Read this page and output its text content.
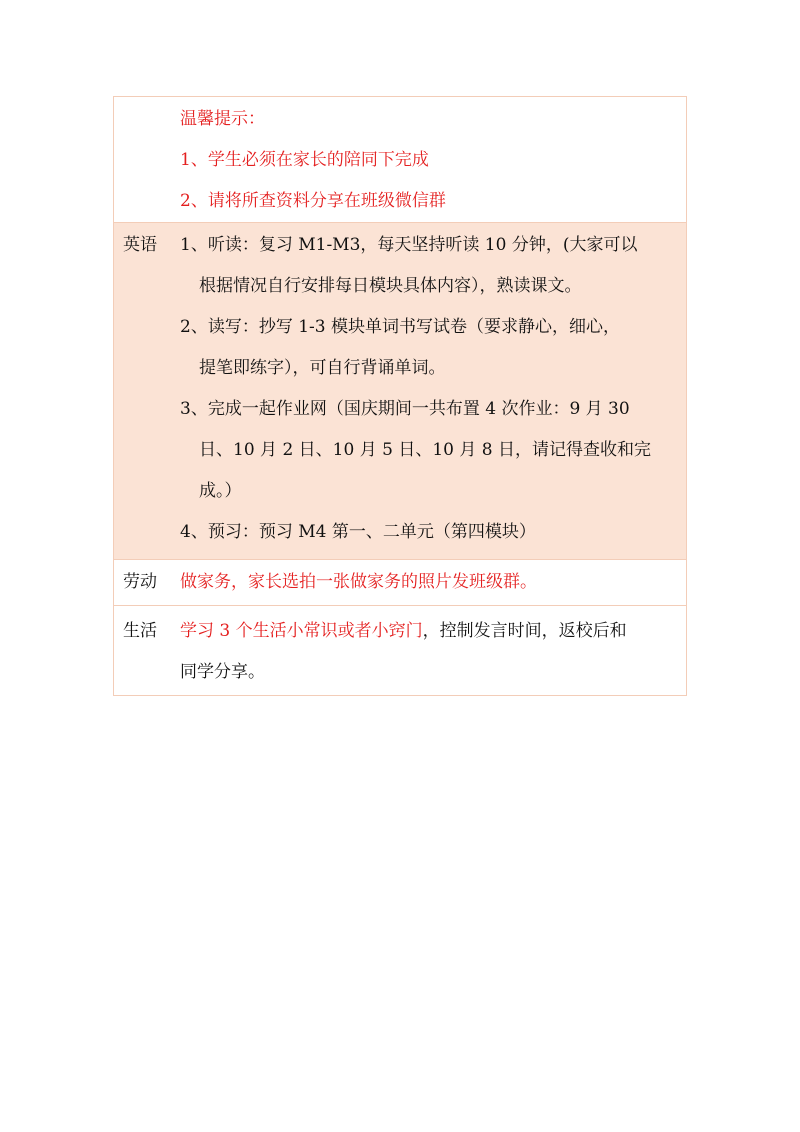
温馨提示：
1、学生必须在家长的陪同下完成
2、请将所查资料分享在班级微信群
英语	1、听读：复习 M1-M3，每天坚持听读 10 分钟，(大家可以
根据情况自行安排每日模块具体内容），熟读课文。
2、读写：抄写 1-3 模块单词书写试卷（要求静心，细心，
提笔即练字），可自行背诵单词。
3、完成一起作业网（国庆期间一共布置 4 次作业：9 月 30
日、10 月 2 日、10 月 5 日、10 月 8 日，请记得查收和完
成。）
4、预习：预习 M4 第一、二单元（第四模块）
劳动	做家务，家长选拍一张做家务的照片发班级群。
生活	学习 3 个生活小常识或者小窍门，控制发言时间，返校后和
同学分享。
